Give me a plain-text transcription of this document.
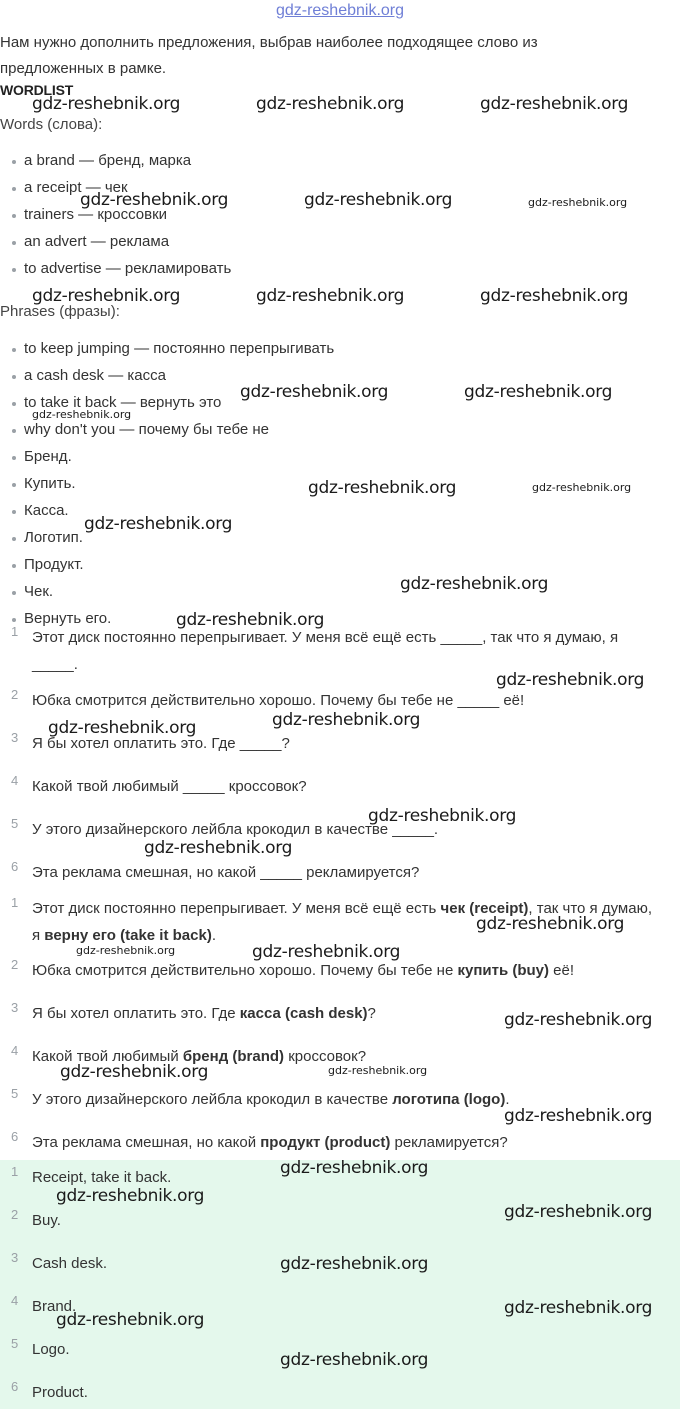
gdz-reshebnik.org
Нам нужно дополнить предложения, выбрав наиболее подходящее слово из предложенных в рамке.
WORDLIST
Words (слова):
a brand — бренд, марка
a receipt — чек
trainers — кроссовки
an advert — реклама
to advertise — рекламировать
Phrases (фразы):
to keep jumping — постоянно перепрыгивать
a cash desk — касса
to take it back — вернуть это
why don't you — почему бы тебе не
Бренд.
Купить.
Касса.
Логотип.
Продукт.
Чек.
Вернуть его.
1 Этот диск постоянно перепрыгивает. У меня всё ещё есть _____, так что я думаю, я _____.
2 Юбка смотрится действительно хорошо. Почему бы тебе не _____ её!
3 Я бы хотел оплатить это. Где _____?
4 Какой твой любимый _____ кроссовок?
5 У этого дизайнерского лейбла крокодил в качестве _____.
6 Эта реклама смешная, но какой _____ рекламируется?
1 Этот диск постоянно перепрыгивает. У меня всё ещё есть чек (receipt), так что я думаю, я верну его (take it back).
2 Юбка смотрится действительно хорошо. Почему бы тебе не купить (buy) её!
3 Я бы хотел оплатить это. Где касса (cash desk)?
4 Какой твой любимый бренд (brand) кроссовок?
5 У этого дизайнерского лейбла крокодил в качестве логотипа (logo).
6 Эта реклама смешная, но какой продукт (product) рекламируется?
1 Receipt, take it back.
2 Buy.
3 Cash desk.
4 Brand.
5 Logo.
6 Product.
gdz-reshebnik.org	gdz-reshebnik.org	gdz-reshebnik.org
gdz-reshebnik.org	gdz-reshebnik.org	gdz-reshebnik.org
gdz-reshebnik.org	gdz-reshebnik.org	gdz-reshebnik.org
gdz-reshebnik.org	gdz-reshebnik.org
gdz-reshebnik.org
gdz-reshebnik.org	gdz-reshebnik.org
gdz-reshebnik.org
gdz-reshebnik.org
gdz-reshebnik.org
gdz-reshebnik.org
gdz-reshebnik.org
gdz-reshebnik.org
gdz-reshebnik.org
gdz-reshebnik.org
gdz-reshebnik.org
gdz-reshebnik.org	gdz-reshebnik.org
gdz-reshebnik.org
gdz-reshebnik.org	gdz-reshebnik.org
gdz-reshebnik.org
gdz-reshebnik.org
gdz-reshebnik.org
gdz-reshebnik.org
gdz-reshebnik.org
gdz-reshebnik.org
gdz-reshebnik.org
gdz-reshebnik.org
